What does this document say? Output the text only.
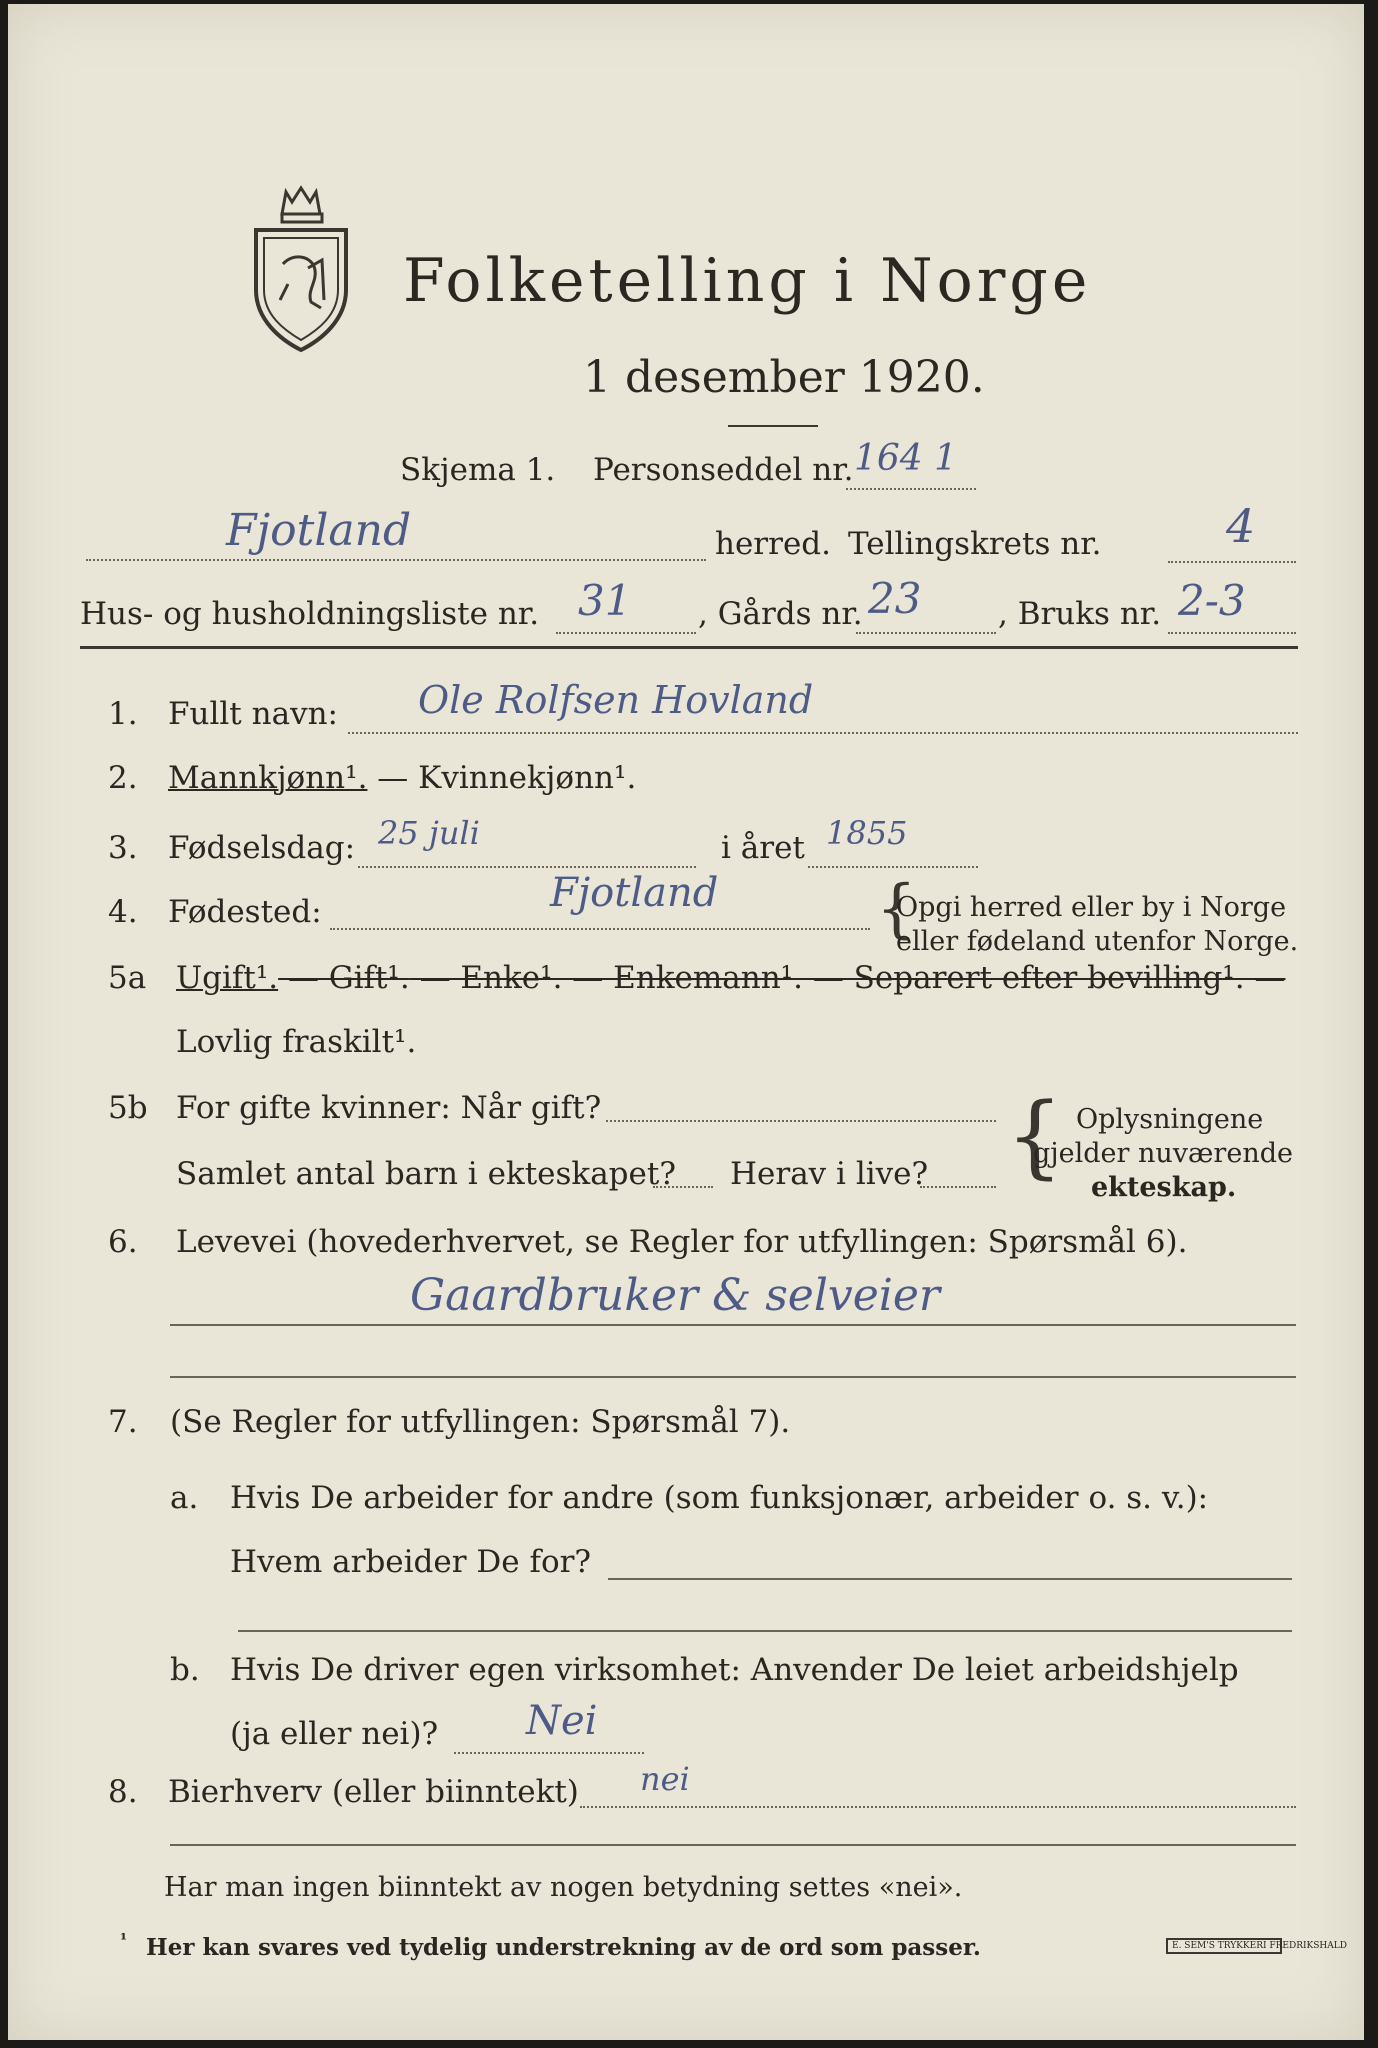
Folketelling i Norge
1 desember 1920.
Skjema 1. Personseddel nr. 164 1
Fjotland	herred. Tellingskrets nr.	4
Hus- og husholdningsliste nr. 31 , Gårds nr. 23 , Bruks nr. 2-3
1. Fullt navn: Ole Rolfsen Hovland
2. Mannkjønn¹. — Kvinnekjønn¹.
3. Fødselsdag: 25 juli	i året 1855
4. Fødested:	Fjotland {
Opgi herred eller by i Norge
eller fødeland utenfor Norge.
5a Ugift¹. — Gift¹. — Enke¹. — Enkemann¹. — Separert efter bevilling¹. —
Lovlig fraskilt¹.
5b For gifte kvinner: Når gift?
Samlet antal barn i ekteskapet? Herav i live? { Oplysningene
gjelder nuværende
ekteskap.
6. Levevei (hovederhvervet, se Regler for utfyllingen: Spørsmål 6).
Gaardbruker & selveier
7. (Se Regler for utfyllingen: Spørsmål 7).
a. Hvis De arbeider for andre (som funksjonær, arbeider o. s. v.):
Hvem arbeider De for?
b. Hvis De driver egen virksomhet: Anvender De leiet arbeidshjelp
(ja eller nei)? Nei
8. Bierhverv (eller biinntekt) nei
Har man ingen biinntekt av nogen betydning settes «nei».
¹ Her kan svares ved tydelig understrekning av de ord som passer.	E. SEM'S TRYKKERI FREDRIKSHALD
